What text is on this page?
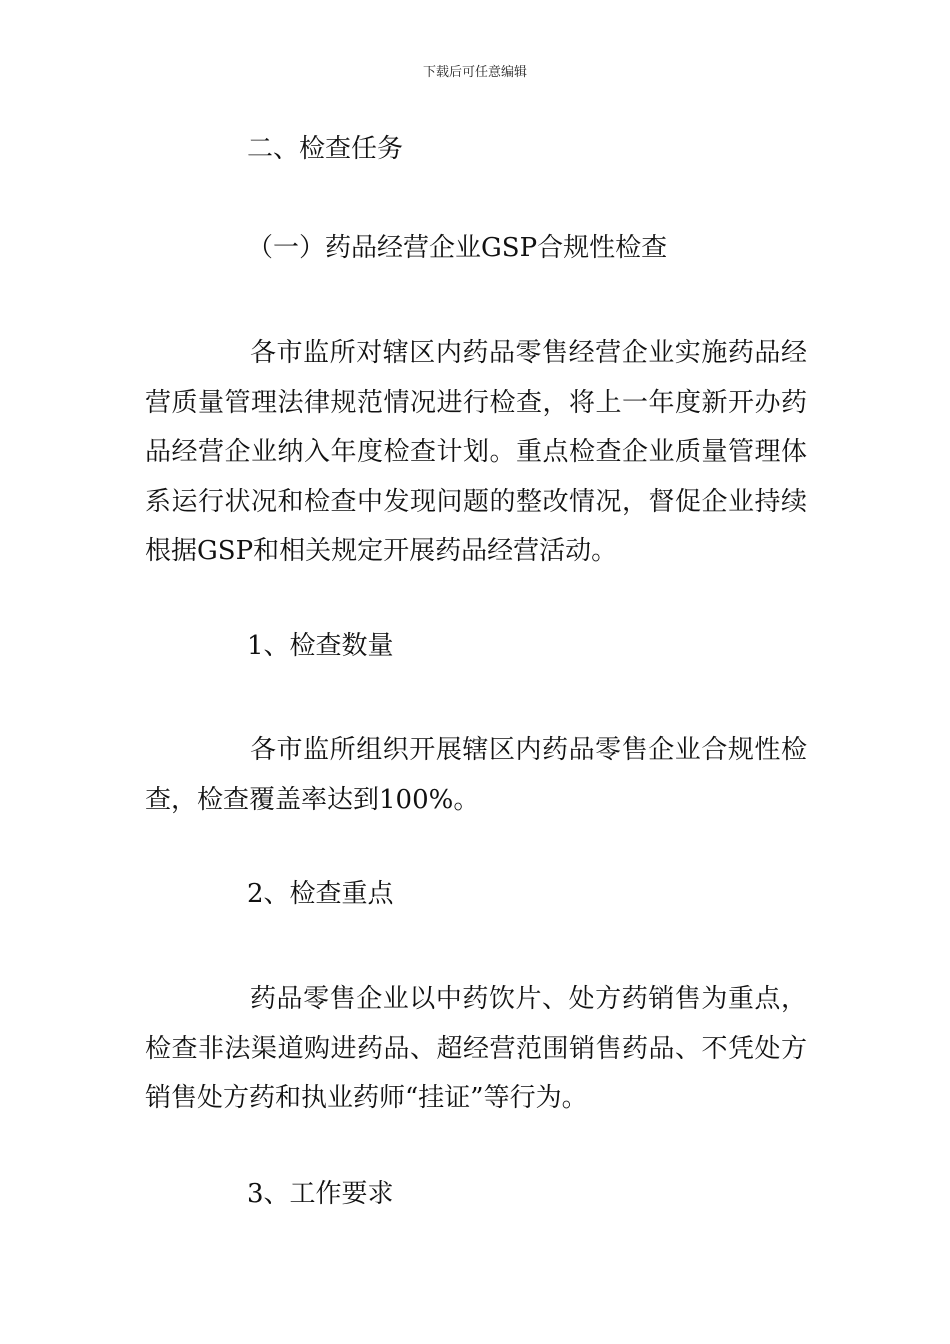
下载后可任意编辑
二、检查任务
（一）药品经营企业GSP合规性检查

各市监所对辖区内药品零售经营企业实施药品经营质量管理法律规范情况进行检查，将上一年度新开办药品经营企业纳入年度检查计划。重点检查企业质量管理体系运行状况和检查中发现问题的整改情况，督促企业持续根据GSP和相关规定开展药品经营活动。

1、检查数量

各市监所组织开展辖区内药品零售企业合规性检查，检查覆盖率达到100%。

2、检查重点

药品零售企业以中药饮片、处方药销售为重点，检查非法渠道购进药品、超经营范围销售药品、不凭处方销售处方药和执业药师“挂证”等行为。

3、工作要求
